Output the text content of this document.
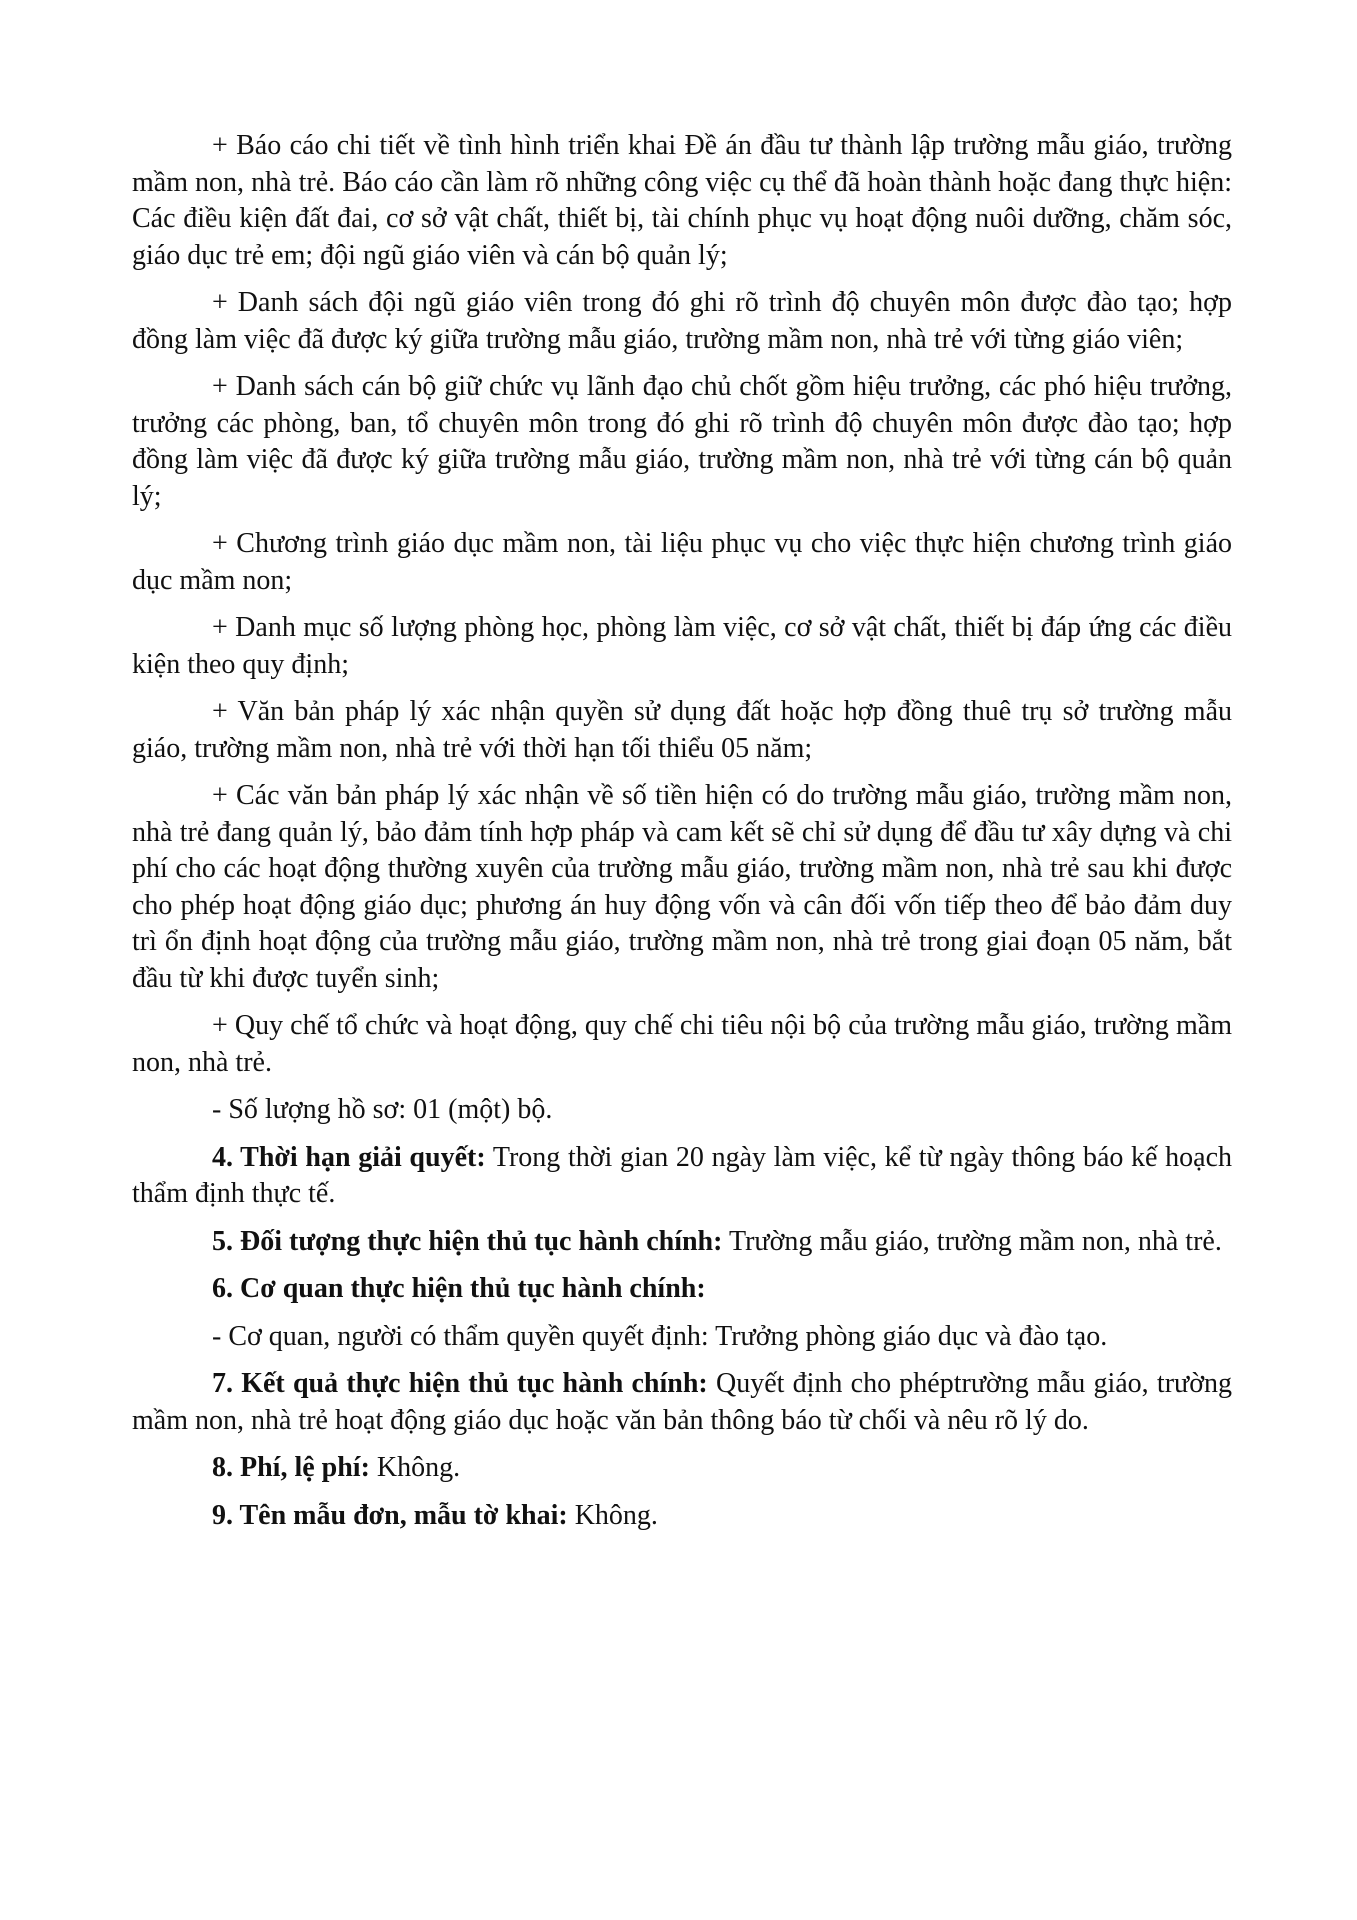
+ Báo cáo chi tiết về tình hình triển khai Đề án đầu tư thành lập trường mẫu giáo, trường mầm non, nhà trẻ. Báo cáo cần làm rõ những công việc cụ thể đã hoàn thành hoặc đang thực hiện: Các điều kiện đất đai, cơ sở vật chất, thiết bị, tài chính phục vụ hoạt động nuôi dưỡng, chăm sóc, giáo dục trẻ em; đội ngũ giáo viên và cán bộ quản lý;

+ Danh sách đội ngũ giáo viên trong đó ghi rõ trình độ chuyên môn được đào tạo; hợp đồng làm việc đã được ký giữa trường mẫu giáo, trường mầm non, nhà trẻ với từng giáo viên;

+ Danh sách cán bộ giữ chức vụ lãnh đạo chủ chốt gồm hiệu trưởng, các phó hiệu trưởng, trưởng các phòng, ban, tổ chuyên môn trong đó ghi rõ trình độ chuyên môn được đào tạo; hợp đồng làm việc đã được ký giữa trường mẫu giáo, trường mầm non, nhà trẻ với từng cán bộ quản lý;

+ Chương trình giáo dục mầm non, tài liệu phục vụ cho việc thực hiện chương trình giáo dục mầm non;

+ Danh mục số lượng phòng học, phòng làm việc, cơ sở vật chất, thiết bị đáp ứng các điều kiện theo quy định;

+ Văn bản pháp lý xác nhận quyền sử dụng đất hoặc hợp đồng thuê trụ sở trường mẫu giáo, trường mầm non, nhà trẻ với thời hạn tối thiểu 05 năm;

+ Các văn bản pháp lý xác nhận về số tiền hiện có do trường mẫu giáo, trường mầm non, nhà trẻ đang quản lý, bảo đảm tính hợp pháp và cam kết sẽ chỉ sử dụng để đầu tư xây dựng và chi phí cho các hoạt động thường xuyên của trường mẫu giáo, trường mầm non, nhà trẻ sau khi được cho phép hoạt động giáo dục; phương án huy động vốn và cân đối vốn tiếp theo để bảo đảm duy trì ổn định hoạt động của trường mẫu giáo, trường mầm non, nhà trẻ trong giai đoạn 05 năm, bắt đầu từ khi được tuyển sinh;

+ Quy chế tổ chức và hoạt động, quy chế chi tiêu nội bộ của trường mẫu giáo, trường mầm non, nhà trẻ.

- Số lượng hồ sơ: 01 (một) bộ.

4. Thời hạn giải quyết: Trong thời gian 20 ngày làm việc, kể từ ngày thông báo kế hoạch thẩm định thực tế.

5. Đối tượng thực hiện thủ tục hành chính: Trường mẫu giáo, trường mầm non, nhà trẻ.

6. Cơ quan thực hiện thủ tục hành chính:

- Cơ quan, người có thẩm quyền quyết định: Trưởng phòng giáo dục và đào tạo.

7. Kết quả thực hiện thủ tục hành chính: Quyết định cho phéptrường mẫu giáo, trường mầm non, nhà trẻ hoạt động giáo dục hoặc văn bản thông báo từ chối và nêu rõ lý do.

8. Phí, lệ phí: Không.

9. Tên mẫu đơn, mẫu tờ khai: Không.
